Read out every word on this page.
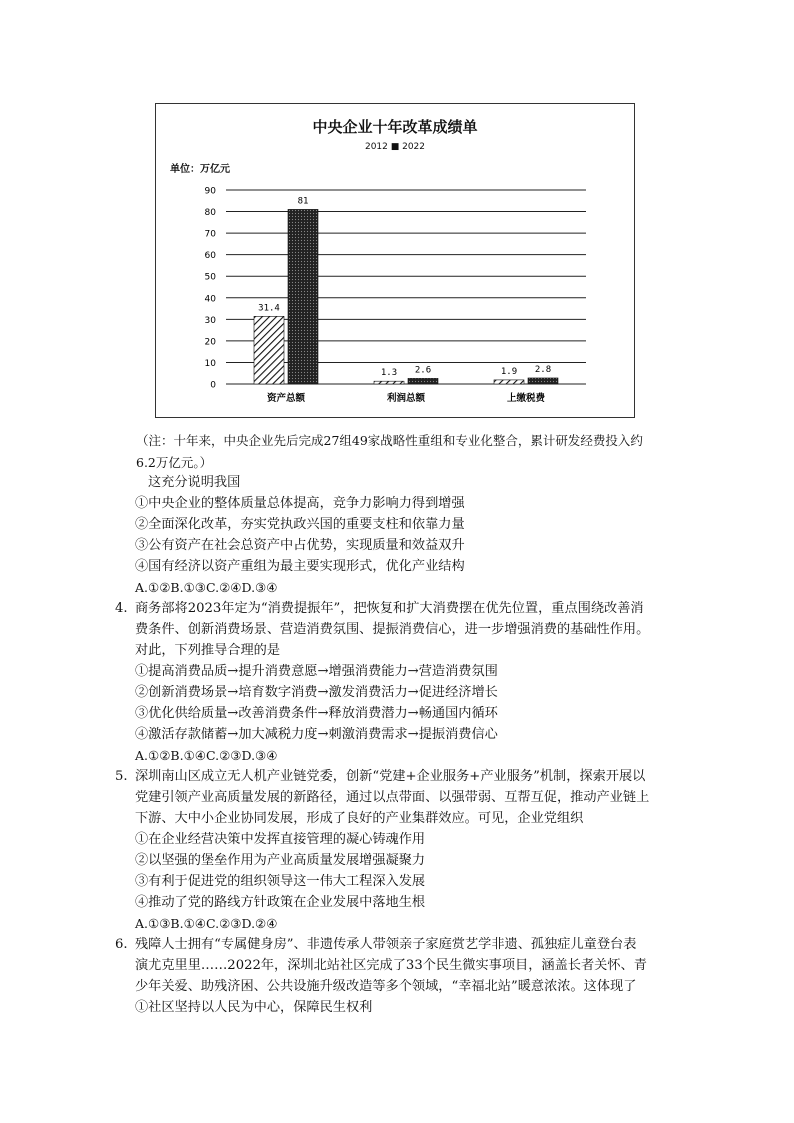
中央企业十年改革成绩单
2012 ■ 2022
单位：万亿元
0
10
20
30
40
50
60
70
80
90
31.4
81
资产总额
1.3 2.6
利润总额
1.9 2.8
上缴税费
（注：十年来，中央企业先后完成27组49家战略性重组和专业化整合，累计研发经费投入约6.2万亿元。）
这充分说明我国
①中央企业的整体质量总体提高，竞争力影响力得到增强
②全面深化改革，夯实党执政兴国的重要支柱和依靠力量
③公有资产在社会总资产中占优势，实现质量和效益双升
④国有经济以资产重组为最主要实现形式，优化产业结构
A.①②B.①③C.②④D.③④
4. 商务部将2023年定为“消费提振年”，把恢复和扩大消费摆在优先位置，重点围绕改善消
费条件、创新消费场景、营造消费氛围、提振消费信心，进一步增强消费的基础性作用。
对此，下列推导合理的是
①提高消费品质→提升消费意愿→增强消费能力→营造消费氛围
②创新消费场景→培育数字消费→激发消费活力→促进经济增长
③优化供给质量→改善消费条件→释放消费潜力→畅通国内循环
④激活存款储蓄→加大减税力度→刺激消费需求→提振消费信心
A.①②B.①④C.②③D.③④
5. 深圳南山区成立无人机产业链党委，创新“党建+企业服务+产业服务”机制，探索开展以
党建引领产业高质量发展的新路径，通过以点带面、以强带弱、互帮互促，推动产业链上
下游、大中小企业协同发展，形成了良好的产业集群效应。可见，企业党组织
①在企业经营决策中发挥直接管理的凝心铸魂作用
②以坚强的堡垒作用为产业高质量发展增强凝聚力
③有利于促进党的组织领导这一伟大工程深入发展
④推动了党的路线方针政策在企业发展中落地生根
A.①③B.①④C.②③D.②④
6. 残障人士拥有“专属健身房”、非遗传承人带领亲子家庭赏艺学非遗、孤独症儿童登台表
演尤克里里……2022年，深圳北站社区完成了33个民生微实事项目，涵盖长者关怀、青
少年关爱、助残济困、公共设施升级改造等多个领域，“幸福北站”暖意浓浓。这体现了
①社区坚持以人民为中心，保障民生权利
